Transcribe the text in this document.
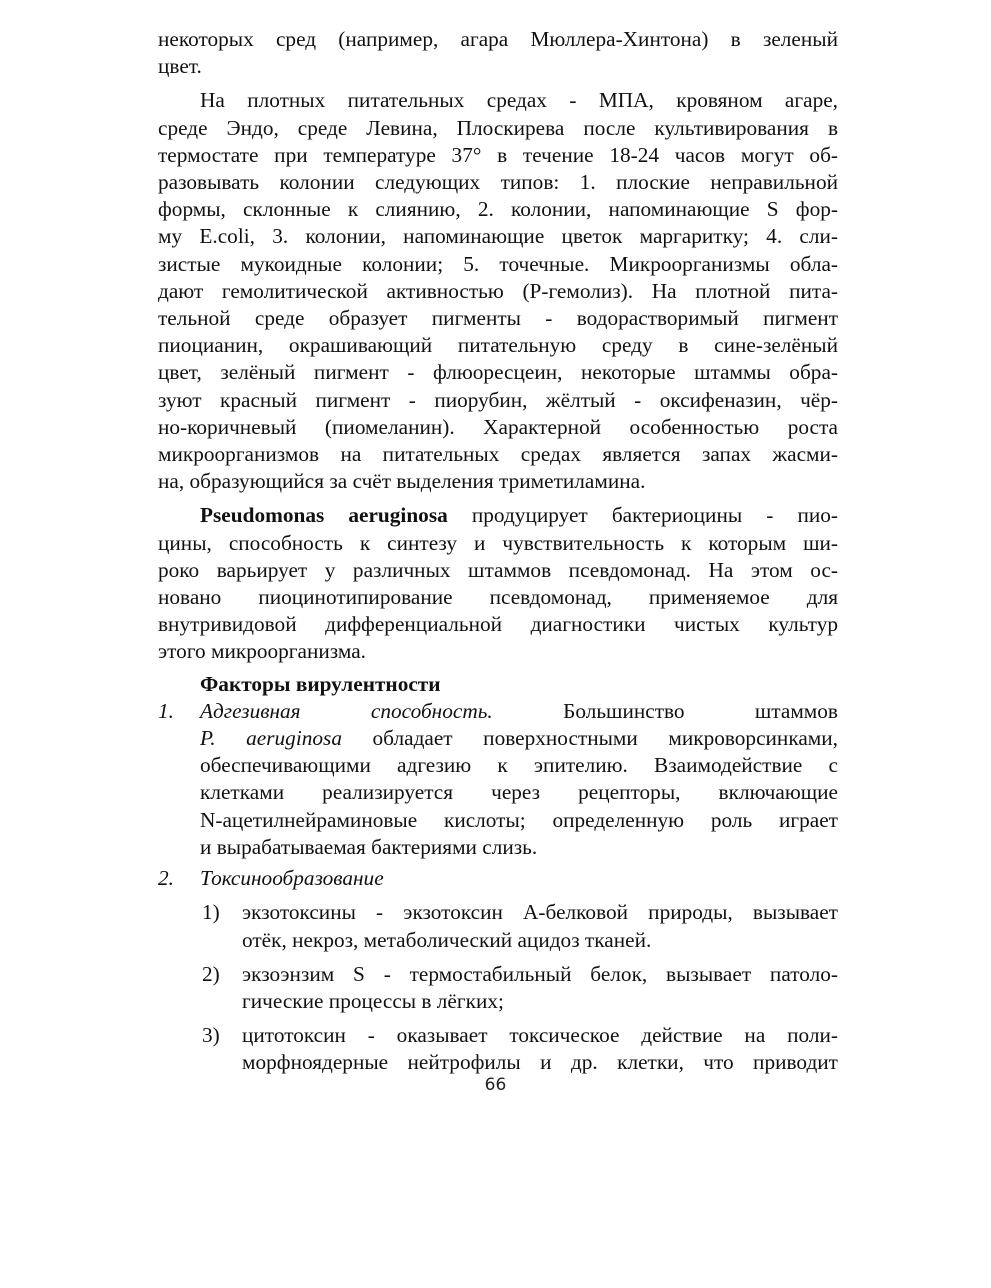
некоторых сред (например, агара Мюллера-Хинтона) в зеленый

цвет.

На плотных питательных средах - МПА, кровяном агаре,

среде Эндо, среде Левина, Плоскирева после культивирования в

термостате при температуре 37° в течение 18-24 часов могут об-

разовывать колонии следующих типов: 1. плоские неправильной

формы, склонные к слиянию, 2. колонии, напоминающие S фор-

му E.coli, 3. колонии, напоминающие цветок маргаритку; 4. сли-

зистые мукоидные колонии; 5. точечные. Микроорганизмы обла-

дают гемолитической активностью (Р-гемолиз). На плотной пита-

тельной среде образует пигменты - водорастворимый пигмент

пиоцианин, окрашивающий питательную среду в сине-зелёный

цвет, зелёный пигмент - флюоресцеин, некоторые штаммы обра-

зуют красный пигмент - пиорубин, жёлтый - оксифеназин, чёр-

но-коричневый (пиомеланин). Характерной особенностью роста

микроорганизмов на питательных средах является запах жасми-

на, образующийся за счёт выделения триметиламина.

Pseudomonas aeruginosa продуцирует бактериоцины - пио-

цины, способность к синтезу и чувствительность к которым ши-

роко варьирует у различных штаммов псевдомонад. На этом ос-

новано пиоцинотипирование псевдомонад, применяемое для

внутривидовой дифференциальной диагностики чистых культур

этого микроорганизма.

Факторы вирулентности

1. Адгезивная способность.	Большинство штаммов

P. aeruginosa обладает поверхностными микроворсинками,

обеспечивающими адгезию к эпителию. Взаимодействие с

клетками реализируется через рецепторы, включающие

N-ацетилнейраминовые кислоты; определенную роль играет

и вырабатываемая бактериями слизь.

2. Токсинообразование

1) экзотоксины - экзотоксин А-белковой природы, вызывает

отёк, некроз, метаболический ацидоз тканей.

2) экзоэнзим S - термостабильный белок, вызывает патоло-

гические процессы в лёгких;

3) цитотоксин - оказывает токсическое действие на поли-

морфноядерные нейтрофилы и др. клетки, что приводит

66
